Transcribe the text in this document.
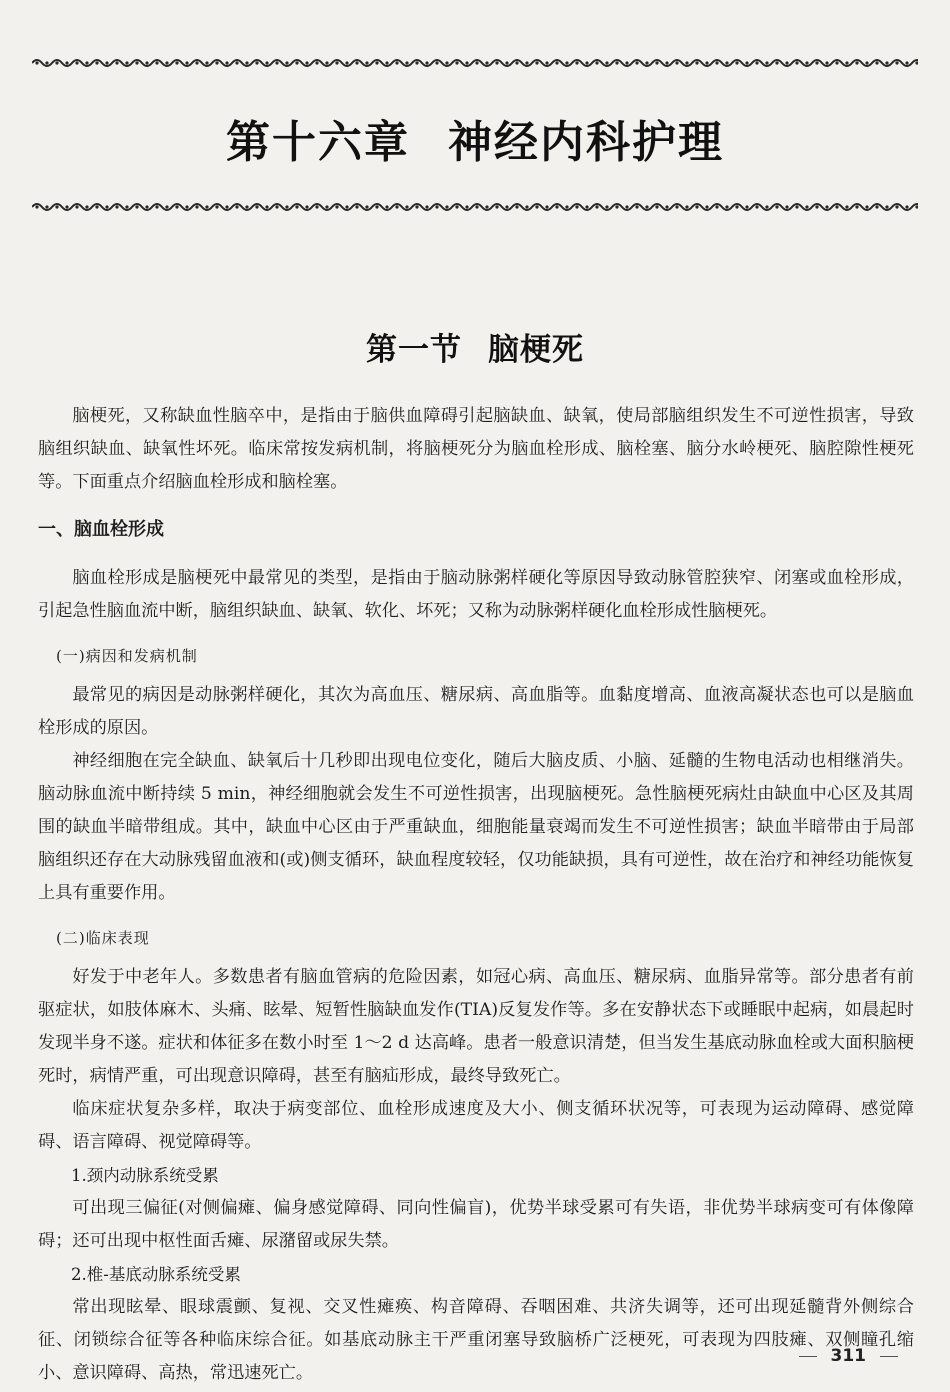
第十六章 神经内科护理
第一节 脑梗死

脑梗死，又称缺血性脑卒中，是指由于脑供血障碍引起脑缺血、缺氧，使局部脑组织发生不可逆性损害，导致脑组织缺血、缺氧性坏死。临床常按发病机制，将脑梗死分为脑血栓形成、脑栓塞、脑分水岭梗死、脑腔隙性梗死等。下面重点介绍脑血栓形成和脑栓塞。

一、脑血栓形成

脑血栓形成是脑梗死中最常见的类型，是指由于脑动脉粥样硬化等原因导致动脉管腔狭窄、闭塞或血栓形成，引起急性脑血流中断，脑组织缺血、缺氧、软化、坏死；又称为动脉粥样硬化血栓形成性脑梗死。

(一)病因和发病机制

最常见的病因是动脉粥样硬化，其次为高血压、糖尿病、高血脂等。血黏度增高、血液高凝状态也可以是脑血栓形成的原因。

神经细胞在完全缺血、缺氧后十几秒即出现电位变化，随后大脑皮质、小脑、延髓的生物电活动也相继消失。脑动脉血流中断持续 5 min，神经细胞就会发生不可逆性损害，出现脑梗死。急性脑梗死病灶由缺血中心区及其周围的缺血半暗带组成。其中，缺血中心区由于严重缺血，细胞能量衰竭而发生不可逆性损害；缺血半暗带由于局部脑组织还存在大动脉残留血液和(或)侧支循环，缺血程度较轻，仅功能缺损，具有可逆性，故在治疗和神经功能恢复上具有重要作用。

(二)临床表现

好发于中老年人。多数患者有脑血管病的危险因素，如冠心病、高血压、糖尿病、血脂异常等。部分患者有前驱症状，如肢体麻木、头痛、眩晕、短暂性脑缺血发作(TIA)反复发作等。多在安静状态下或睡眠中起病，如晨起时发现半身不遂。症状和体征多在数小时至 1～2 d 达高峰。患者一般意识清楚，但当发生基底动脉血栓或大面积脑梗死时，病情严重，可出现意识障碍，甚至有脑疝形成，最终导致死亡。

临床症状复杂多样，取决于病变部位、血栓形成速度及大小、侧支循环状况等，可表现为运动障碍、感觉障碍、语言障碍、视觉障碍等。

1.颈内动脉系统受累

可出现三偏征(对侧偏瘫、偏身感觉障碍、同向性偏盲)，优势半球受累可有失语，非优势半球病变可有体像障碍；还可出现中枢性面舌瘫、尿潴留或尿失禁。

2.椎-基底动脉系统受累

常出现眩晕、眼球震颤、复视、交叉性瘫痪、构音障碍、吞咽困难、共济失调等，还可出现延髓背外侧综合征、闭锁综合征等各种临床综合征。如基底动脉主干严重闭塞导致脑桥广泛梗死，可表现为四肢瘫、双侧瞳孔缩小、意识障碍、高热，常迅速死亡。

311
